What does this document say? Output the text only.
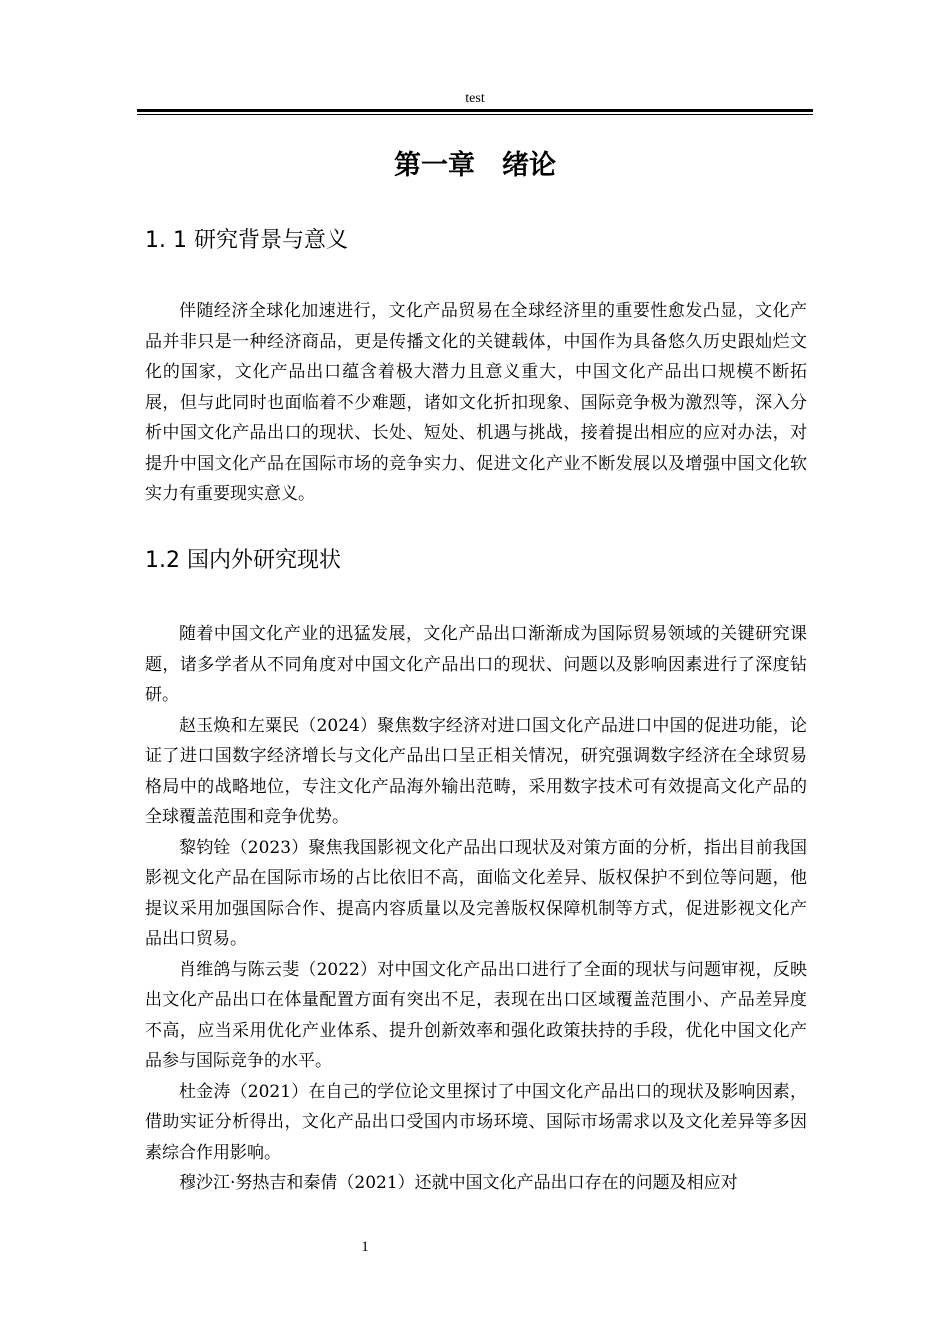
test
第一章　绪论
1. 1 研究背景与意义

伴随经济全球化加速进行，文化产品贸易在全球经济里的重要性愈发凸显，文化产品并非只是一种经济商品，更是传播文化的关键载体，中国作为具备悠久历史跟灿烂文化的国家，文化产品出口蕴含着极大潜力且意义重大，中国文化产品出口规模不断拓展，但与此同时也面临着不少难题，诸如文化折扣现象、国际竞争极为激烈等，深入分析中国文化产品出口的现状、长处、短处、机遇与挑战，接着提出相应的应对办法，对提升中国文化产品在国际市场的竞争实力、促进文化产业不断发展以及增强中国文化软实力有重要现实意义。

1.2 国内外研究现状

随着中国文化产业的迅猛发展，文化产品出口渐渐成为国际贸易领域的关键研究课题，诸多学者从不同角度对中国文化产品出口的现状、问题以及影响因素进行了深度钻研。

赵玉焕和左粟民（2024）聚焦数字经济对进口国文化产品进口中国的促进功能，论证了进口国数字经济增长与文化产品出口呈正相关情况，研究强调数字经济在全球贸易格局中的战略地位，专注文化产品海外输出范畴，采用数字技术可有效提高文化产品的全球覆盖范围和竞争优势。

黎钧铨（2023）聚焦我国影视文化产品出口现状及对策方面的分析，指出目前我国影视文化产品在国际市场的占比依旧不高，面临文化差异、版权保护不到位等问题，他提议采用加强国际合作、提高内容质量以及完善版权保障机制等方式，促进影视文化产品出口贸易。

肖维鸽与陈云斐（2022）对中国文化产品出口进行了全面的现状与问题审视，反映出文化产品出口在体量配置方面有突出不足，表现在出口区域覆盖范围小、产品差异度不高，应当采用优化产业体系、提升创新效率和强化政策扶持的手段，优化中国文化产品参与国际竞争的水平。

杜金涛（2021）在自己的学位论文里探讨了中国文化产品出口的现状及影响因素，借助实证分析得出，文化产品出口受国内市场环境、国际市场需求以及文化差异等多因素综合作用影响。

穆沙江·努热吉和秦倩（2021）还就中国文化产品出口存在的问题及相应对

1
